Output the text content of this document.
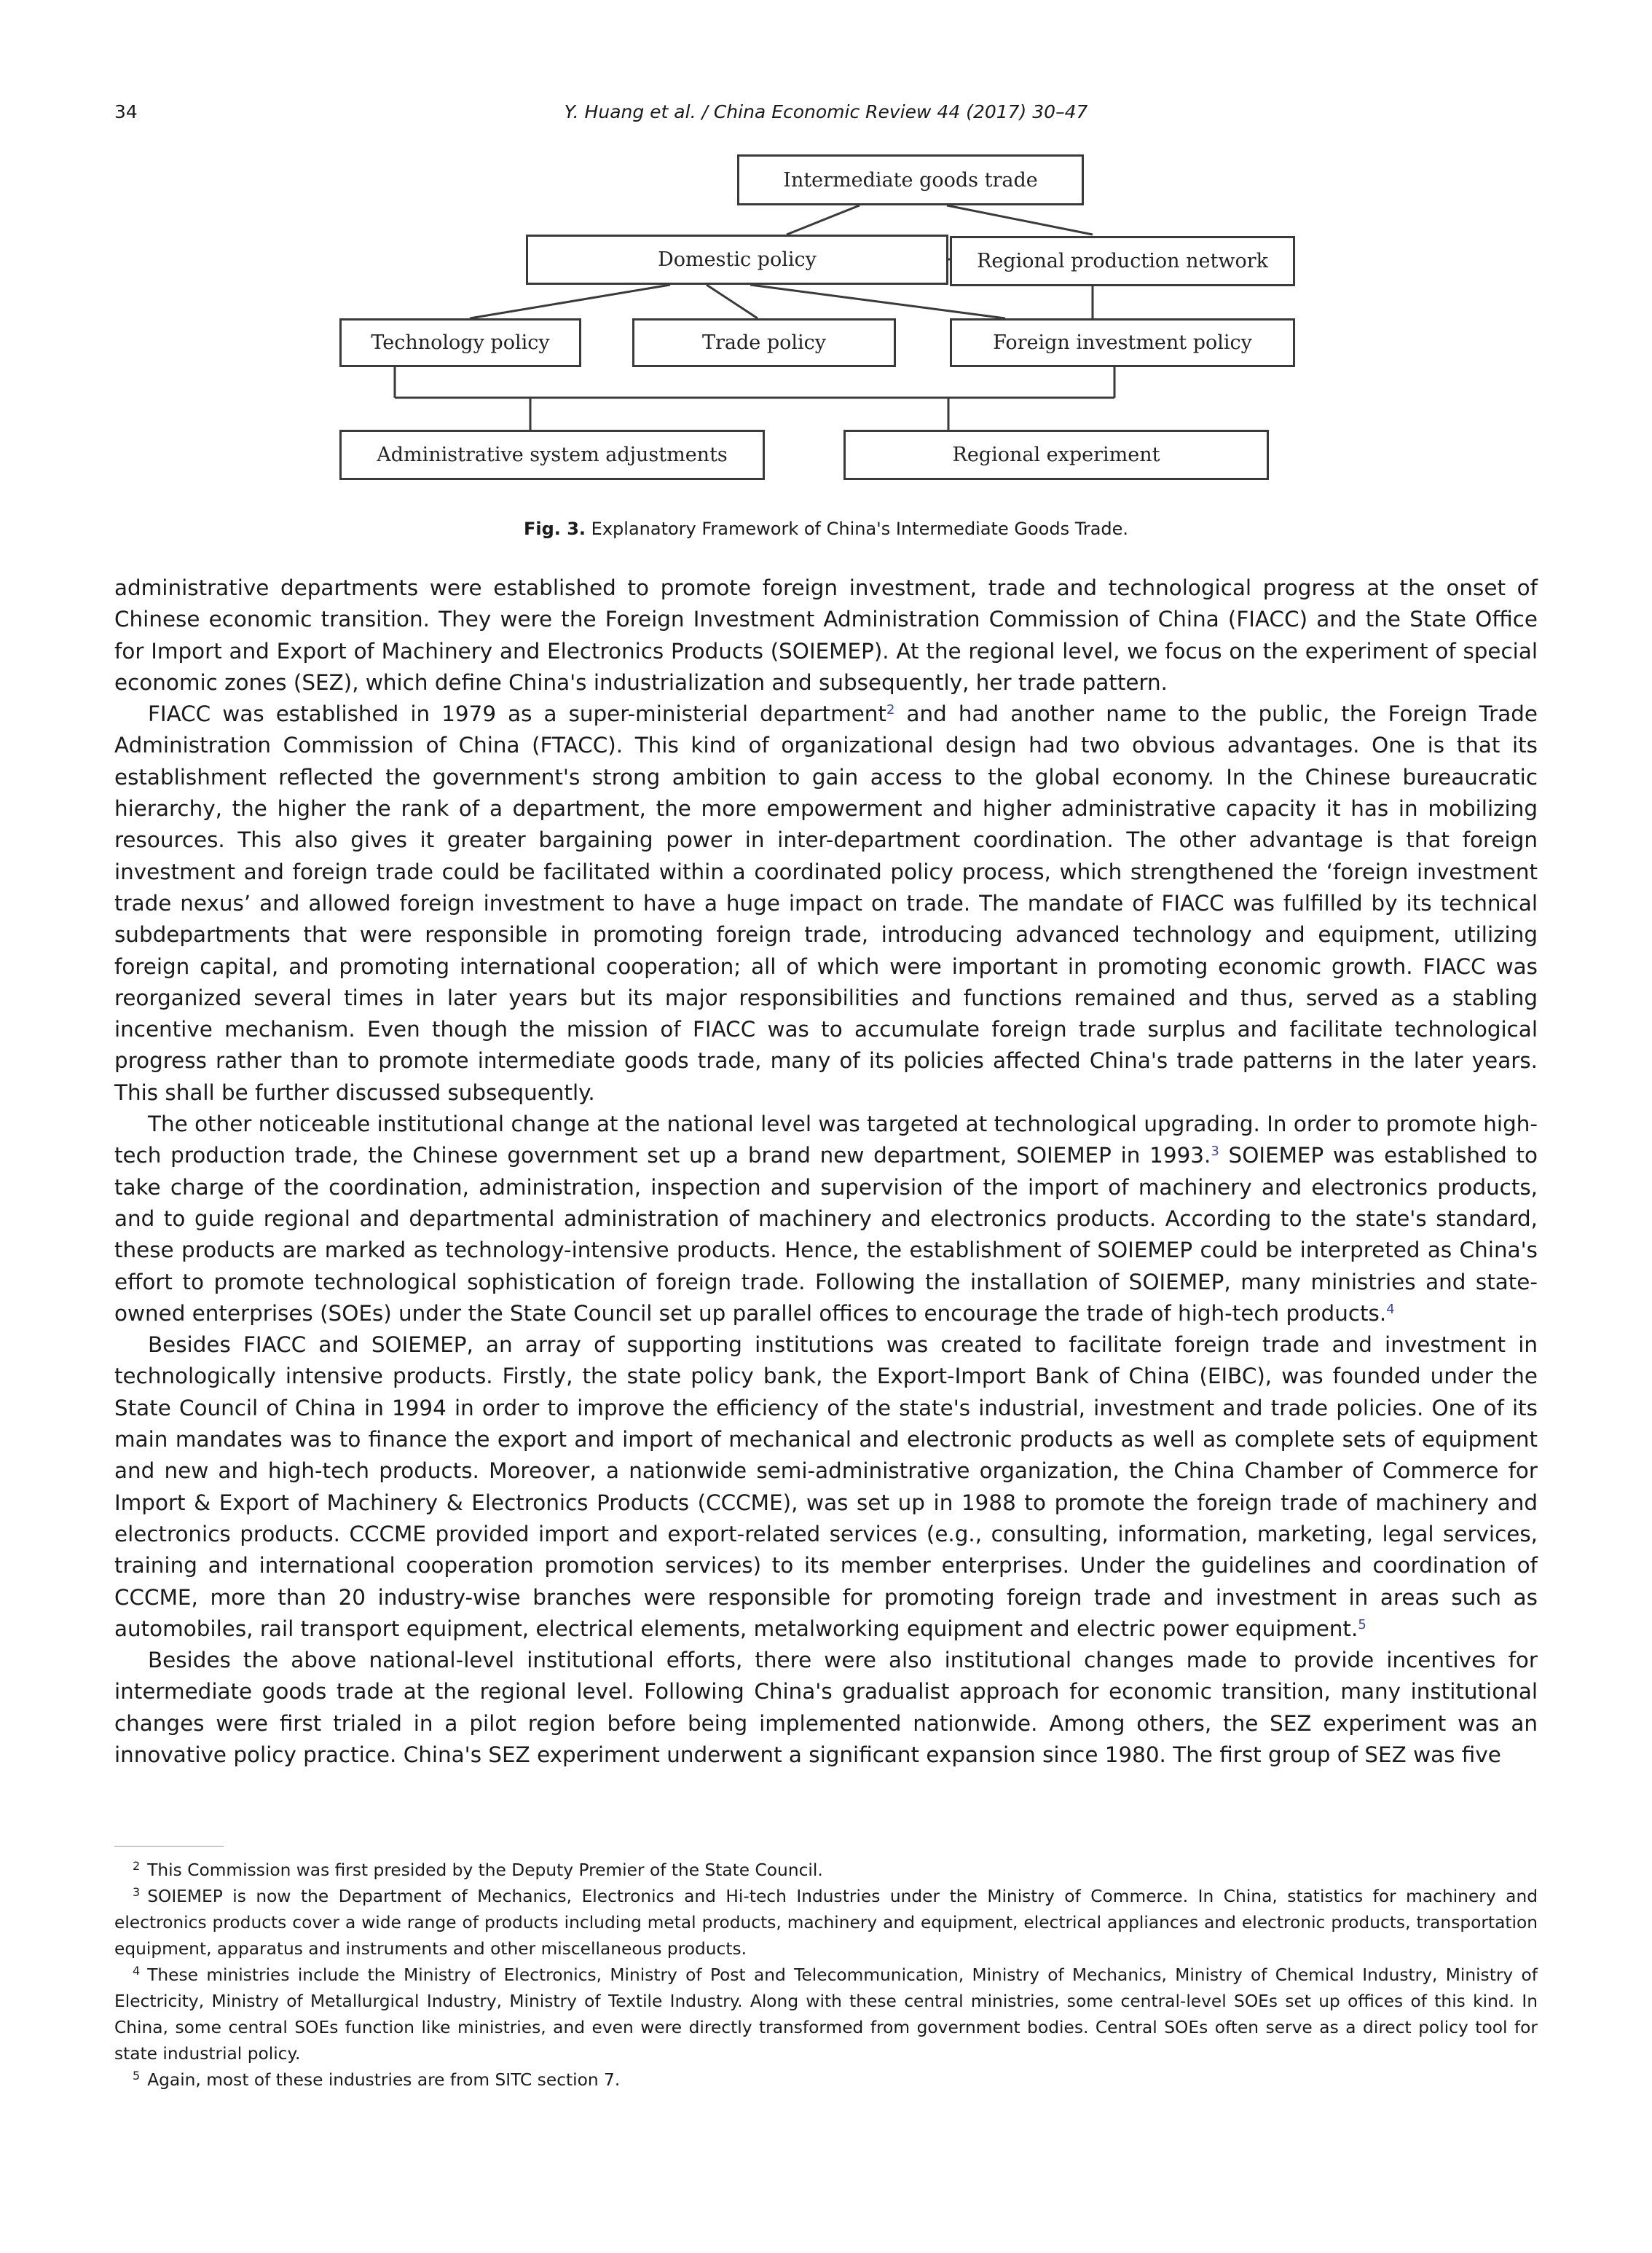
34	Y. Huang et al. / China Economic Review 44 (2017) 30–47
Intermediate goods trade
Domestic policy	Regional production network
Technology policy	Trade policy	Foreign investment policy
Administrative system adjustments	Regional experiment
Fig. 3. Explanatory Framework of China's Intermediate Goods Trade.

administrative departments were established to promote foreign investment, trade and technological progress at the onset of Chinese economic transition. They were the Foreign Investment Administration Commission of China (FIACC) and the State Office for Import and Export of Machinery and Electronics Products (SOIEMEP). At the regional level, we focus on the experiment of special economic zones (SEZ), which define China's industrialization and subsequently, her trade pattern.

FIACC was established in 1979 as a super-ministerial department$^2$ and had another name to the public, the Foreign Trade Administration Commission of China (FTACC). This kind of organizational design had two obvious advantages. One is that its establishment reflected the government's strong ambition to gain access to the global economy. In the Chinese bureaucratic hierarchy, the higher the rank of a department, the more empowerment and higher administrative capacity it has in mobilizing resources. This also gives it greater bargaining power in inter-department coordination. The other advantage is that foreign investment and foreign trade could be facilitated within a coordinated policy process, which strengthened the ‘foreign investment trade nexus’ and allowed foreign investment to have a huge impact on trade. The mandate of FIACC was fulfilled by its technical subdepartments that were responsible in promoting foreign trade, introducing advanced technology and equipment, utilizing foreign capital, and promoting international cooperation; all of which were important in promoting economic growth. FIACC was reorganized several times in later years but its major responsibilities and functions remained and thus, served as a stabling incentive mechanism. Even though the mission of FIACC was to accumulate foreign trade surplus and facilitate technological progress rather than to promote intermediate goods trade, many of its policies affected China's trade patterns in the later years. This shall be further discussed subsequently.

The other noticeable institutional change at the national level was targeted at technological upgrading. In order to promote high-tech production trade, the Chinese government set up a brand new department, SOIEMEP in 1993.$^3$ SOIEMEP was established to take charge of the coordination, administration, inspection and supervision of the import of machinery and electronics products, and to guide regional and departmental administration of machinery and electronics products. According to the state's standard, these products are marked as technology-intensive products. Hence, the establishment of SOIEMEP could be interpreted as China's effort to promote technological sophistication of foreign trade. Following the installation of SOIEMEP, many ministries and state-owned enterprises (SOEs) under the State Council set up parallel offices to encourage the trade of high-tech products.$^4$

Besides FIACC and SOIEMEP, an array of supporting institutions was created to facilitate foreign trade and investment in technologically intensive products. Firstly, the state policy bank, the Export-Import Bank of China (EIBC), was founded under the State Council of China in 1994 in order to improve the efficiency of the state's industrial, investment and trade policies. One of its main mandates was to finance the export and import of mechanical and electronic products as well as complete sets of equipment and new and high-tech products. Moreover, a nationwide semi-administrative organization, the China Chamber of Commerce for Import & Export of Machinery & Electronics Products (CCCME), was set up in 1988 to promote the foreign trade of machinery and electronics products. CCCME provided import and export-related services (e.g., consulting, information, marketing, legal services, training and international cooperation promotion services) to its member enterprises. Under the guidelines and coordination of CCCME, more than 20 industry-wise branches were responsible for promoting foreign trade and investment in areas such as automobiles, rail transport equipment, electrical elements, metalworking equipment and electric power equipment.$^5$

Besides the above national-level institutional efforts, there were also institutional changes made to provide incentives for intermediate goods trade at the regional level. Following China's gradualist approach for economic transition, many institutional changes were first trialed in a pilot region before being implemented nationwide. Among others, the SEZ experiment was an innovative policy practice. China's SEZ experiment underwent a significant expansion since 1980. The first group of SEZ was five

$^2$ This Commission was first presided by the Deputy Premier of the State Council.

$^3$ SOIEMEP is now the Department of Mechanics, Electronics and Hi-tech Industries under the Ministry of Commerce. In China, statistics for machinery and electronics products cover a wide range of products including metal products, machinery and equipment, electrical appliances and electronic products, transportation equipment, apparatus and instruments and other miscellaneous products.

$^4$ These ministries include the Ministry of Electronics, Ministry of Post and Telecommunication, Ministry of Mechanics, Ministry of Chemical Industry, Ministry of Electricity, Ministry of Metallurgical Industry, Ministry of Textile Industry. Along with these central ministries, some central-level SOEs set up offices of this kind. In China, some central SOEs function like ministries, and even were directly transformed from government bodies. Central SOEs often serve as a direct policy tool for state industrial policy.

$^5$ Again, most of these industries are from SITC section 7.
